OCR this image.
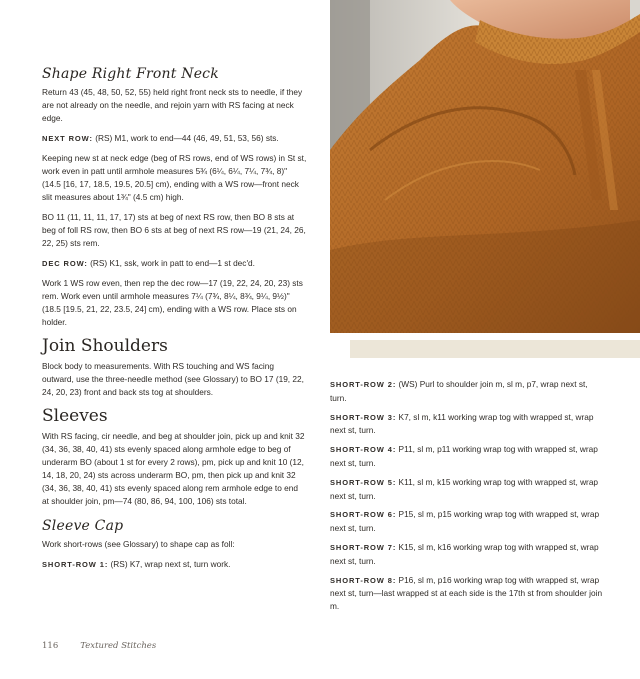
Shape Right Front Neck

Return 43 (45, 48, 50, 52, 55) held right front neck sts to needle, if they are not already on the needle, and rejoin yarn with RS facing at neck edge.

NEXT ROW: (RS) M1, work to end—44 (46, 49, 51, 53, 56) sts.

Keeping new st at neck edge (beg of RS rows, end of WS rows) in St st, work even in patt until armhole measures 5¾ (6¼, 6¼, 7¼, 7¾, 8)" (14.5 [16, 17, 18.5, 19.5, 20.5] cm), ending with a WS row—front neck slit measures about 1¾" (4.5 cm) high.

BO 11 (11, 11, 11, 17, 17) sts at beg of next RS row, then BO 8 sts at beg of foll RS row, then BO 6 sts at beg of next RS row—19 (21, 24, 26, 22, 25) sts rem.

DEC ROW: (RS) K1, ssk, work in patt to end—1 st dec'd.

Work 1 WS row even, then rep the dec row—17 (19, 22, 24, 20, 23) sts rem. Work even until armhole measures 7¼ (7¾, 8¼, 8¾, 9¼, 9½)" (18.5 [19.5, 21, 22, 23.5, 24] cm), ending with a WS row. Place sts on holder.

Join Shoulders

Block body to measurements. With RS touching and WS facing outward, use the three-needle method (see Glossary) to BO 17 (19, 22, 24, 20, 23) front and back sts tog at shoulders.

Sleeves

With RS facing, cir needle, and beg at shoulder join, pick up and knit 32 (34, 36, 38, 40, 41) sts evenly spaced along armhole edge to beg of underarm BO (about 1 st for every 2 rows), pm, pick up and knit 10 (12, 14, 18, 20, 24) sts across underarm BO, pm, then pick up and knit 32 (34, 36, 38, 40, 41) sts evenly spaced along rem armhole edge to end at shoulder join, pm—74 (80, 86, 94, 100, 106) sts total.

Sleeve Cap

Work short-rows (see Glossary) to shape cap as foll:

SHORT-ROW 1: (RS) K7, wrap next st, turn work.

SHORT-ROW 2: (WS) Purl to shoulder join m, sl m, p7, wrap next st, turn.

SHORT-ROW 3: K7, sl m, k11 working wrap tog with wrapped st, wrap next st, turn.

SHORT-ROW 4: P11, sl m, p11 working wrap tog with wrapped st, wrap next st, turn.

SHORT-ROW 5: K11, sl m, k15 working wrap tog with wrapped st, wrap next st, turn.

SHORT-ROW 6: P15, sl m, p15 working wrap tog with wrapped st, wrap next st, turn.

SHORT-ROW 7: K15, sl m, k16 working wrap tog with wrapped st, wrap next st, turn.

SHORT-ROW 8: P16, sl m, p16 working wrap tog with wrapped st, wrap next st, turn—last wrapped st at each side is the 17th st from shoulder join m.

116	Textured Stitches
